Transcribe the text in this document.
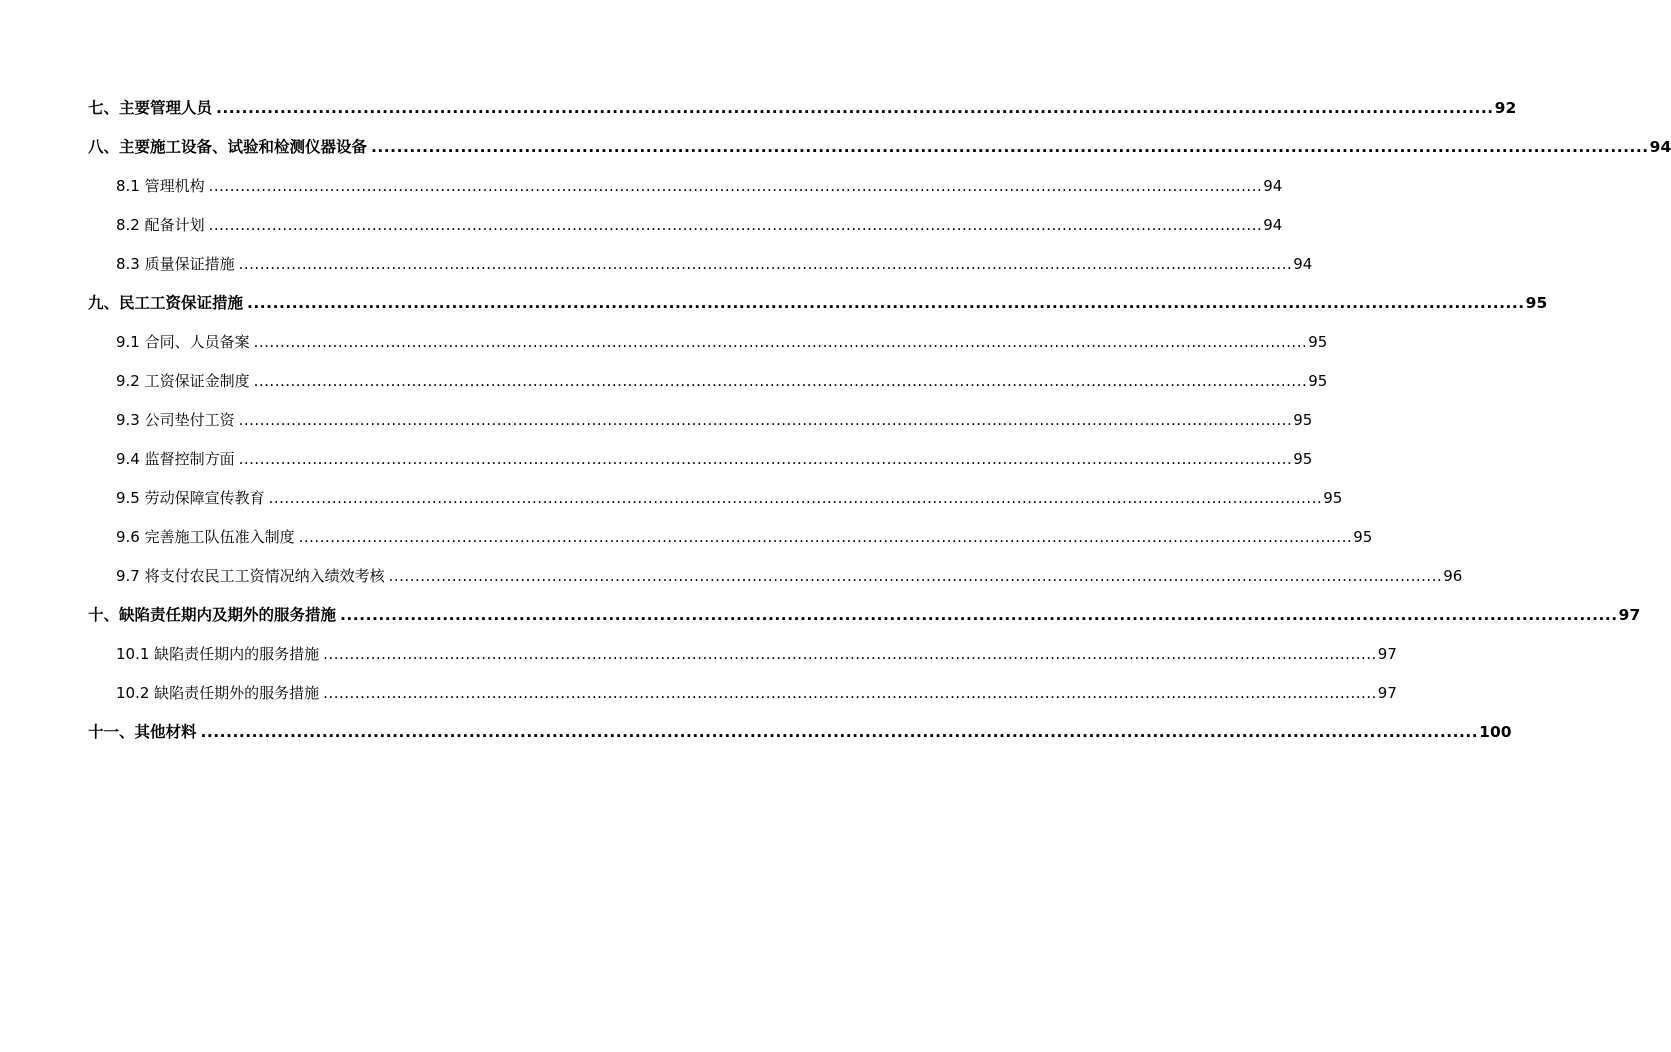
七、主要管理人员 ........................................................................................................................................................................................................ 92
八、主要施工设备、试验和检测仪器设备 ........................................................................................................................................................................................................ 94
8.1 管理机构 ........................................................................................................................................................................................................ 94
8.2 配备计划 ........................................................................................................................................................................................................ 94
8.3 质量保证措施 ........................................................................................................................................................................................................ 94
九、民工工资保证措施 ........................................................................................................................................................................................................ 95
9.1 合同、人员备案 ........................................................................................................................................................................................................ 95
9.2 工资保证金制度 ........................................................................................................................................................................................................ 95
9.3 公司垫付工资 ........................................................................................................................................................................................................ 95
9.4 监督控制方面 ........................................................................................................................................................................................................ 95
9.5 劳动保障宣传教育 ........................................................................................................................................................................................................ 95
9.6 完善施工队伍准入制度 ........................................................................................................................................................................................................ 95
9.7 将支付农民工工资情况纳入绩效考核 ........................................................................................................................................................................................................ 96
十、缺陷责任期内及期外的服务措施 ........................................................................................................................................................................................................ 97
10.1 缺陷责任期内的服务措施 ........................................................................................................................................................................................................ 97
10.2 缺陷责任期外的服务措施 ........................................................................................................................................................................................................ 97
十一、其他材料 ........................................................................................................................................................................................................ 100
